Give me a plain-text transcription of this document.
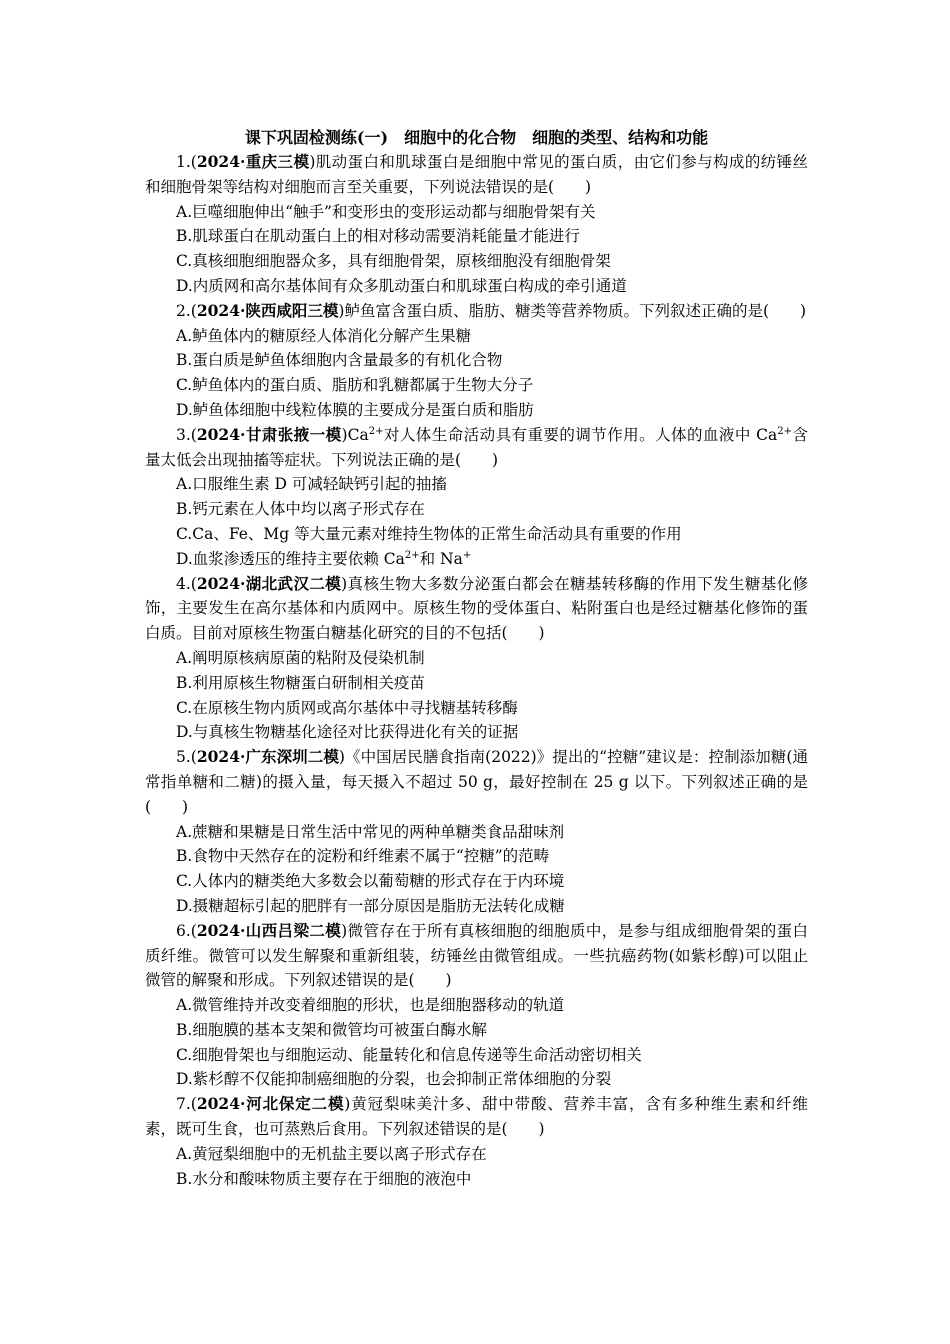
课下巩固检测练(一)　细胞中的化合物　细胞的类型、结构和功能

1.(2024·重庆三模)肌动蛋白和肌球蛋白是细胞中常见的蛋白质，由它们参与构成的纺锤丝和细胞骨架等结构对细胞而言至关重要，下列说法错误的是(　　)

A.巨噬细胞伸出“触手”和变形虫的变形运动都与细胞骨架有关

B.肌球蛋白在肌动蛋白上的相对移动需要消耗能量才能进行

C.真核细胞细胞器众多，具有细胞骨架，原核细胞没有细胞骨架

D.内质网和高尔基体间有众多肌动蛋白和肌球蛋白构成的牵引通道

2.(2024·陕西咸阳三模)鲈鱼富含蛋白质、脂肪、糖类等营养物质。下列叙述正确的是(　　)

A.鲈鱼体内的糖原经人体消化分解产生果糖

B.蛋白质是鲈鱼体细胞内含量最多的有机化合物

C.鲈鱼体内的蛋白质、脂肪和乳糖都属于生物大分子

D.鲈鱼体细胞中线粒体膜的主要成分是蛋白质和脂肪

3.(2024·甘肃张掖一模)$Ca^{2+}$对人体生命活动具有重要的调节作用。人体的血液中 $Ca^{2+}$含量太低会出现抽搐等症状。下列说法正确的是(　　)

A.口服维生素 D 可减轻缺钙引起的抽搐

B.钙元素在人体中均以离子形式存在

C.Ca、Fe、Mg 等大量元素对维持生物体的正常生命活动具有重要的作用

D.血浆渗透压的维持主要依赖 $Ca^{2+}$和 Na+

4.(2024·湖北武汉二模)真核生物大多数分泌蛋白都会在糖基转移酶的作用下发生糖基化修饰，主要发生在高尔基体和内质网中。原核生物的受体蛋白、粘附蛋白也是经过糖基化修饰的蛋白质。目前对原核生物蛋白糖基化研究的目的不包括(　　)

A.阐明原核病原菌的粘附及侵染机制

B.利用原核生物糖蛋白研制相关疫苗

C.在原核生物内质网或高尔基体中寻找糖基转移酶

D.与真核生物糖基化途径对比获得进化有关的证据

5.(2024·广东深圳二模)《中国居民膳食指南(2022)》提出的“控糖”建议是：控制添加糖(通常指单糖和二糖)的摄入量，每天摄入不超过 50 g，最好控制在 25 g 以下。下列叙述正确的是(　　)

A.蔗糖和果糖是日常生活中常见的两种单糖类食品甜味剂

B.食物中天然存在的淀粉和纤维素不属于“控糖”的范畴

C.人体内的糖类绝大多数会以葡萄糖的形式存在于内环境

D.摄糖超标引起的肥胖有一部分原因是脂肪无法转化成糖

6.(2024·山西吕梁二模)微管存在于所有真核细胞的细胞质中，是参与组成细胞骨架的蛋白质纤维。微管可以发生解聚和重新组装，纺锤丝由微管组成。一些抗癌药物(如紫杉醇)可以阻止微管的解聚和形成。下列叙述错误的是(　　)

A.微管维持并改变着细胞的形状，也是细胞器移动的轨道

B.细胞膜的基本支架和微管均可被蛋白酶水解

C.细胞骨架也与细胞运动、能量转化和信息传递等生命活动密切相关

D.紫杉醇不仅能抑制癌细胞的分裂，也会抑制正常体细胞的分裂

7.(2024·河北保定二模)黄冠梨味美汁多、甜中带酸、营养丰富，含有多种维生素和纤维素，既可生食，也可蒸熟后食用。下列叙述错误的是(　　)

A.黄冠梨细胞中的无机盐主要以离子形式存在

B.水分和酸味物质主要存在于细胞的液泡中
